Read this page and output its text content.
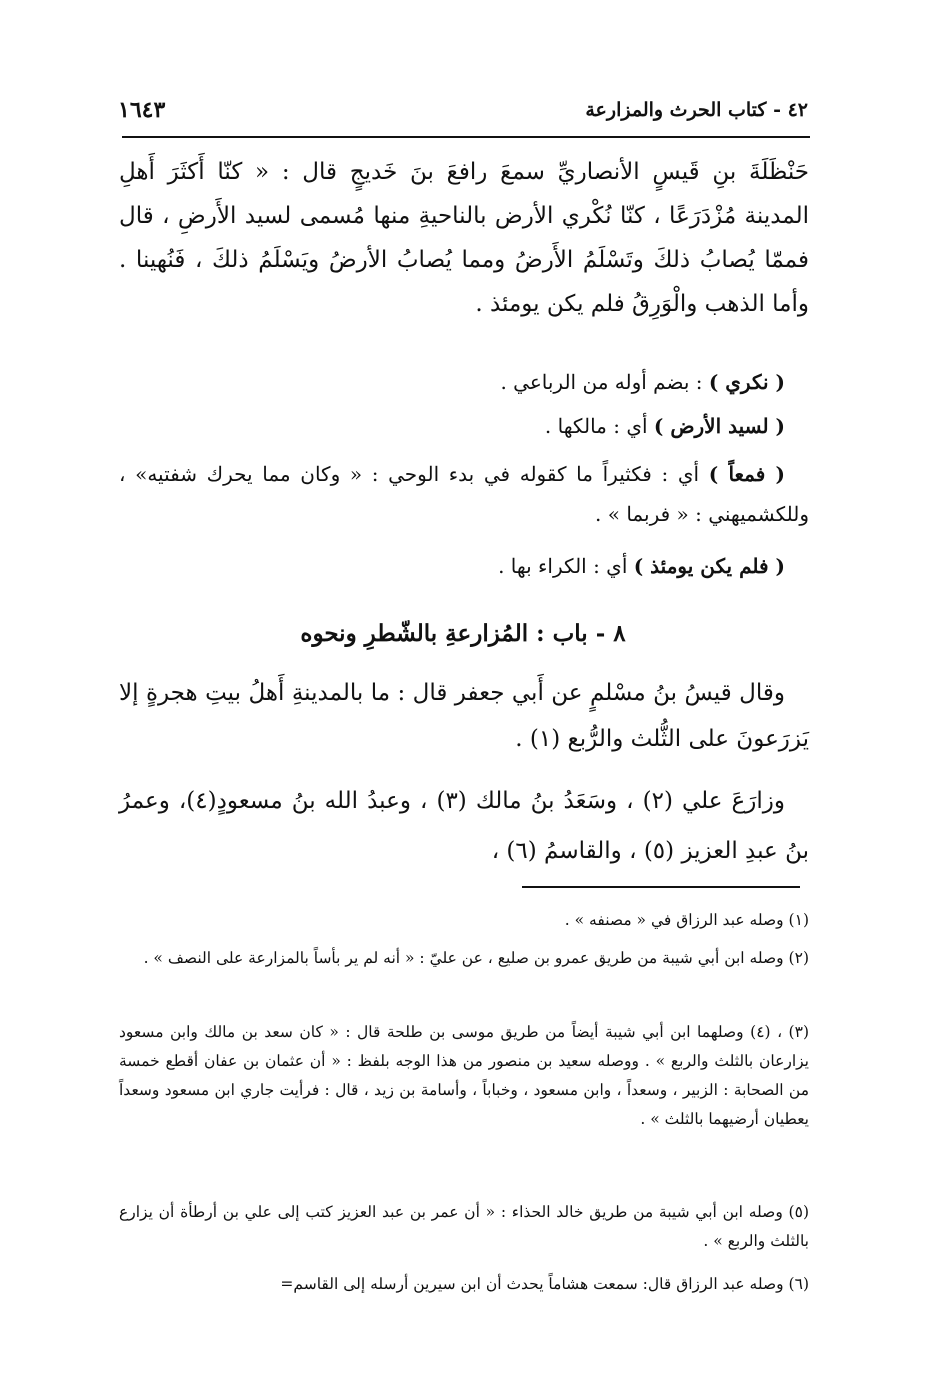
٤٢ - كتاب الحرث والمزارعة
١٦٤٣

حَنْظَلَةَ بنِ قَيسٍ الأنصاريِّ سمعَ رافعَ بنَ خَديجٍ قال : « كنّا أَكثَرَ أَهلِ المدينة مُزْدَرَعًا ، كنّا نُكْري الأرض بالناحيةِ منها مُسمى لسيد الأَرضِ ، قال فممّا يُصابُ ذلكَ وتَسْلَمُ الأَرضُ ومما يُصابُ الأرضُ ويَسْلَمُ ذلكَ ، فَنُهينا . وأما الذهب والْوَرِقُ فلم يكن يومئذ .

( نكري ) : بضم أوله من الرباعي .

( لسيد الأرض ) أي : مالكها .

( فمعاً ) أي : فكثيراً ما كقوله في بدء الوحي : « وكان مما يحرك شفتيه» ، وللكشميهني : « فربما » .

( فلم يكن يومئذ ) أي : الكراء بها .

٨ - باب : المُزارعةِ بالشّطرِ ونحوه

وقال قيسُ بنُ مسْلمٍ عن أَبي جعفر قال : ما بالمدينةِ أَهلُ بيتِ هجرةٍ إلا يَزرَعونَ على الثُّلث والرُّبع (١) .

وزارَعَ علي (٢) ، وسَعَدُ بنُ مالك (٣) ، وعبدُ الله بنُ مسعودٍ(٤)، وعمرُ بنُ عبدِ العزيز (٥) ، والقاسمُ (٦) ،

(١) وصله عبد الرزاق في « مصنفه » .

(٢) وصله ابن أبي شيبة من طريق عمرو بن صليع ، عن عليّ : « أنه لم ير بأساً بالمزارعة على النصف » .

(٣) ، (٤) وصلهما ابن أبي شيبة أيضاً من طريق موسى بن طلحة قال : « كان سعد بن مالك وابن مسعود يزارعان بالثلث والربع » . ووصله سعيد بن منصور من هذا الوجه بلفظ : « أن عثمان بن عفان أقطع خمسة من الصحابة : الزبير ، وسعداً ، وابن مسعود ، وخباباً ، وأسامة بن زيد ، قال : فرأيت جاري ابن مسعود وسعداً يعطيان أرضيهما بالثلث » .

(٥) وصله ابن أبي شيبة من طريق خالد الحذاء : « أن عمر بن عبد العزيز كتب إلى علي بن أرطأة أن يزارع بالثلث والربع » .

(٦) وصله عبد الرزاق قال: سمعت هشاماً يحدث أن ابن سيرين أرسله إلى القاسم=
